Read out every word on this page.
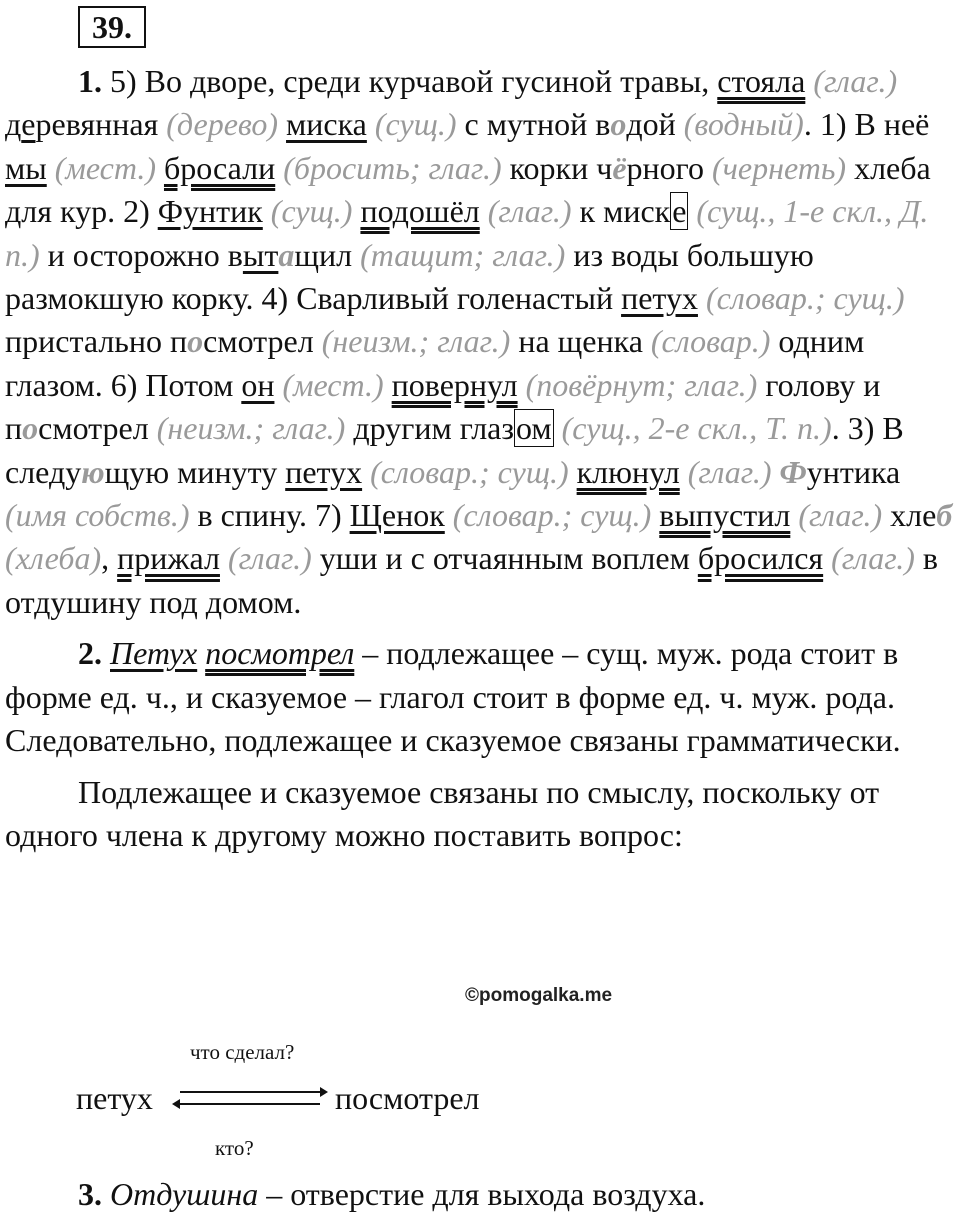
39.

1. 5) Во дворе, среди курчавой гусиной травы, стояла (глаг.) деревянная (дерево) миска (сущ.) с мутной водой (водный). 1) В неё мы (мест.) бросали (бросить; глаг.) корки чёрного (чернеть) хлеба для кур. 2) Фунтик (сущ.) подошёл (глаг.) к миске (сущ., 1-е скл., Д. п.) и осторожно вытащил (тащит; глаг.) из воды большую размокшую корку. 4) Сварливый голенастый петух (словар.; сущ.) пристально посмотрел (неизм.; глаг.) на щенка (словар.) одним глазом. 6) Потом он (мест.) повернул (повёрнут; глаг.) голову и посмотрел (неизм.; глаг.) другим глазом (сущ., 2-е скл., Т. п.). 3) В следующую минуту петух (словар.; сущ.) клюнул (глаг.) Фунтика (имя собств.) в спину. 7) Щенок (словар.; сущ.) выпустил (глаг.) хлеб (хлеба), прижал (глаг.) уши и с отчаянным воплем бросился (глаг.) в отдушину под домом.

2. Петух посмотрел – подлежащее – сущ. муж. рода стоит в форме ед. ч., и сказуемое – глагол стоит в форме ед. ч. муж. рода. Следовательно, подлежащее и сказуемое связаны грамматически.

Подлежащее и сказуемое связаны по смыслу, поскольку от одного члена к другому можно поставить вопрос:

©pomogalka.me
что сделал?
петух	посмотрел
кто?
3. Отдушина – отверстие для выхода воздуха.
